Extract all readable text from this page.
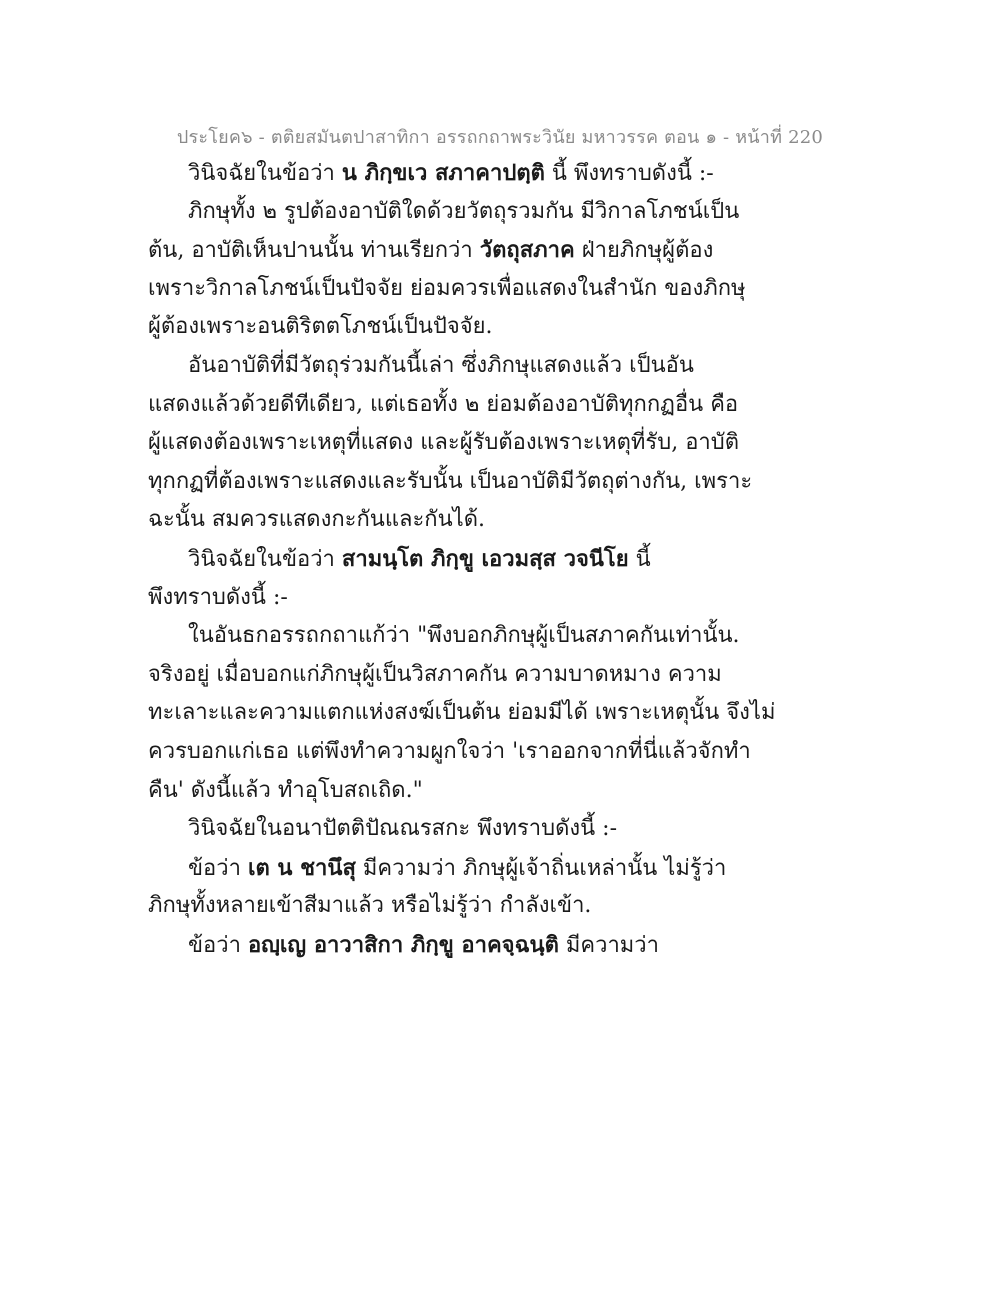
ประโยค๖ - ตติยสมันตปาสาทิกา อรรถกถาพระวินัย มหาวรรค ตอน ๑ - หน้าที่ 220
วินิจฉัยในข้อว่า น ภิกฺขเว สภาคาปตฺติ นี้ พึงทราบดังนี้ :-
ภิกษุทั้ง ๒ รูปต้องอาบัติใดด้วยวัตถุรวมกัน มีวิกาลโภชน์เป็น
ต้น, อาบัติเห็นปานนั้น ท่านเรียกว่า วัตถุสภาค ฝ่ายภิกษุผู้ต้อง
เพราะวิกาลโภชน์เป็นปัจจัย ย่อมควรเพื่อแสดงในสำนัก ของภิกษุ
ผู้ต้องเพราะอนติริตตโภชน์เป็นปัจจัย.
อันอาบัติที่มีวัตถุร่วมกันนี้เล่า ซึ่งภิกษุแสดงแล้ว เป็นอัน
แสดงแล้วด้วยดีทีเดียว, แต่เธอทั้ง ๒ ย่อมต้องอาบัติทุกกฏอื่น คือ
ผู้แสดงต้องเพราะเหตุที่แสดง และผู้รับต้องเพราะเหตุที่รับ, อาบัติ
ทุกกฏที่ต้องเพราะแสดงและรับนั้น เป็นอาบัติมีวัตถุต่างกัน, เพราะ
ฉะนั้น สมควรแสดงกะกันและกันได้.
วินิจฉัยในข้อว่า สามนฺโต ภิกฺขู เอวมสฺส วจนีโย นี้
พึงทราบดังนี้ :-
ในอันธกอรรถกถาแก้ว่า "พึงบอกภิกษุผู้เป็นสภาคกันเท่านั้น.
จริงอยู่ เมื่อบอกแก่ภิกษุผู้เป็นวิสภาคกัน ความบาดหมาง ความ
ทะเลาะและความแตกแห่งสงฆ์เป็นต้น ย่อมมีได้ เพราะเหตุนั้น จึงไม่
ควรบอกแก่เธอ แต่พึงทำความผูกใจว่า 'เราออกจากที่นี่แล้วจักทำ
คืน' ดังนี้แล้ว ทำอุโบสถเถิด."
วินิจฉัยในอนาปัตติปัณณรสกะ พึงทราบดังนี้ :-
ข้อว่า เต น ชานึสุ มีความว่า ภิกษุผู้เจ้าถิ่นเหล่านั้น ไม่รู้ว่า
ภิกษุทั้งหลายเข้าสีมาแล้ว หรือไม่รู้ว่า กำลังเข้า.
ข้อว่า อญฺเญ อาวาสิกา ภิกฺขู อาคจฺฉนฺติ มีความว่า
